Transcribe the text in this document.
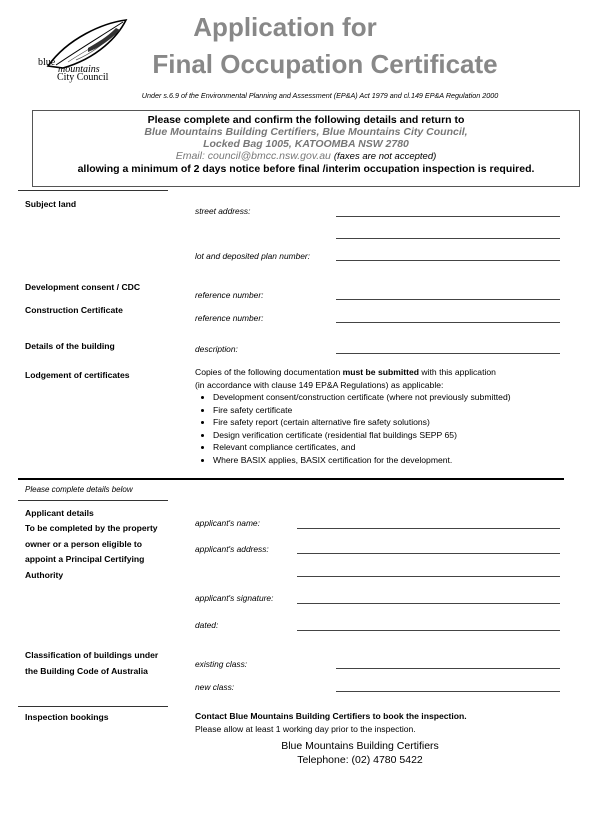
blue
mountains
City Council
Application for
Final Occupation Certificate
Under s.6.9 of the Environmental Planning and Assessment (EP&A) Act 1979 and cl.149 EP&A Regulation 2000
Please complete and confirm the following details and return to
Blue Mountains Building Certifiers, Blue Mountains City Council,
Locked Bag 1005, KATOOMBA NSW 2780
Email: council@bmcc.nsw.gov.au (faxes are not accepted)
allowing a minimum of 2 days notice before final /interim occupation inspection is required.
Subject land
street address:
lot and deposited plan number:
Development consent / CDC
reference number:
Construction Certificate
reference number:
Details of the building	description:
Lodgement of certificates	Copies of the following documentation must be submitted with this application
(in accordance with clause 149 EP&A Regulations) as applicable:
• Development consent/construction certificate (where not previously submitted)
• Fire safety certificate
• Fire safety report (certain alternative fire safety solutions)
• Design verification certificate (residential flat buildings SEPP 65)
• Relevant compliance certificates, and
• Where BASIX applies, BASIX certification for the development.
Please complete details below
Applicant details
To be completed by the property owner or a person eligible to appoint a Principal Certifying Authority
applicant's name:
applicant's address:
applicant's signature:
dated:
Classification of buildings under the Building Code of Australia
existing class:
new class:
Inspection bookings	Contact Blue Mountains Building Certifiers to book the inspection.
Please allow at least 1 working day prior to the inspection.
Blue Mountains Building Certifiers
Telephone: (02) 4780 5422
